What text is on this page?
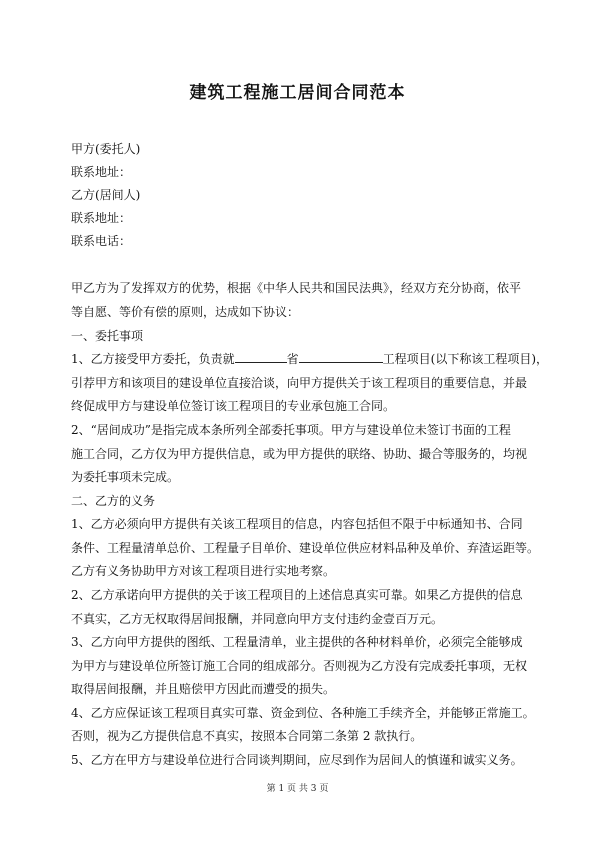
建筑工程施工居间合同范本
甲方(委托人)
联系地址：
乙方(居间人)
联系地址：
联系电话：
甲乙方为了发挥双方的优势，根据《中华人民共和国民法典》，经双方充分协商，依平
等自愿、等价有偿的原则，达成如下协议：
一、委托事项
1、乙方接受甲方委托，负责就	省	工程项目(以下称该工程项目)，
引荐甲方和该项目的建设单位直接洽谈，向甲方提供关于该工程项目的重要信息，并最
终促成甲方与建设单位签订该工程项目的专业承包施工合同。
2、“居间成功”是指完成本条所列全部委托事项。甲方与建设单位未签订书面的工程
施工合同，乙方仅为甲方提供信息，或为甲方提供的联络、协助、撮合等服务的，均视
为委托事项未完成。
二、乙方的义务
1、乙方必须向甲方提供有关该工程项目的信息，内容包括但不限于中标通知书、合同
条件、工程量清单总价、工程量子目单价、建设单位供应材料品种及单价、弃渣运距等。
乙方有义务协助甲方对该工程项目进行实地考察。
2、乙方承诺向甲方提供的关于该工程项目的上述信息真实可靠。如果乙方提供的信息
不真实，乙方无权取得居间报酬，并同意向甲方支付违约金壹百万元。
3、乙方向甲方提供的图纸、工程量清单，业主提供的各种材料单价，必须完全能够成
为甲方与建设单位所签订施工合同的组成部分。否则视为乙方没有完成委托事项，无权
取得居间报酬，并且赔偿甲方因此而遭受的损失。
4、乙方应保证该工程项目真实可靠、资金到位、各种施工手续齐全，并能够正常施工。
否则，视为乙方提供信息不真实，按照本合同第二条第 2 款执行。
5、乙方在甲方与建设单位进行合同谈判期间，应尽到作为居间人的慎谨和诚实义务。
第 1 页 共 3 页
